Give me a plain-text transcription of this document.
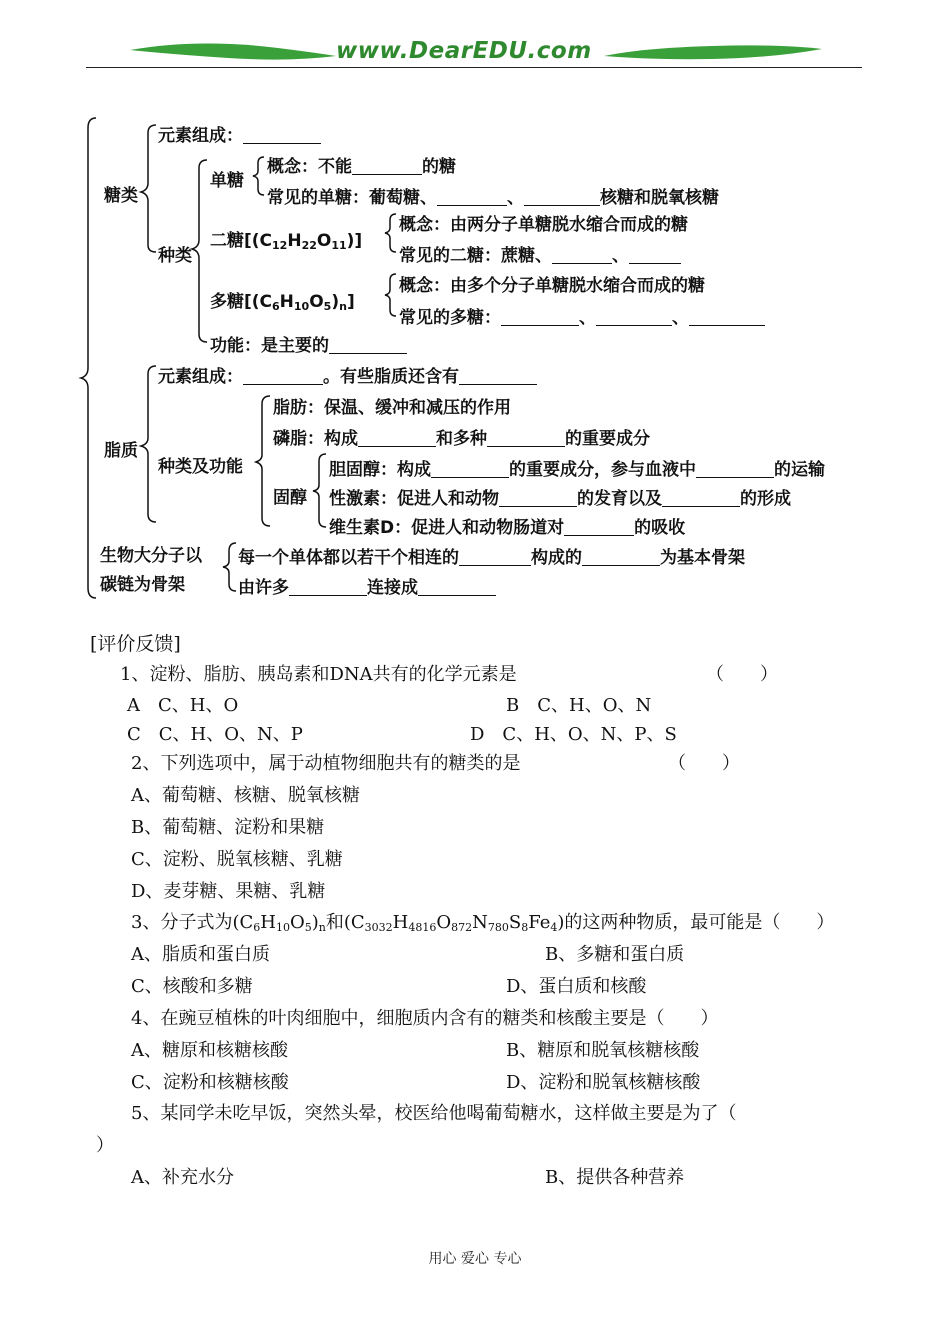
www.DearEDU.com
糖类
元素组成：
种类
单糖
概念：不能	的糖
常见的单糖：葡萄糖、	、	核糖和脱氧核糖
二糖$[(C_{12}H_{22}O_{11})]$
概念：由两分子单糖脱水缩合而成的糖
常见的二糖：蔗糖、	、
多糖$[(C_6H_{10}O_5)_n]$
概念：由多个分子单糖脱水缩合而成的糖
常见的多糖：	、	、
功能：是主要的
脂质
元素组成：	。有些脂质还含有
种类及功能
脂肪：保温、缓冲和减压的作用
磷脂：构成	和多种	的重要成分
固醇
胆固醇：构成	的重要成分，参与血液中	的运输
性激素：促进人和动物	的发育以及	的形成
维生素D：促进人和动物肠道对	的吸收
生物大分子以
碳链为骨架
每一个单体都以若干个相连的	构成的	为基本骨架
由许多	连接成
[评价反馈]
1、淀粉、脂肪、胰岛素和DNA共有的化学元素是	（　　）
A　C、H、O	B　C、H、O、N
C　C、H、O、N、P	D　C、H、O、N、P、S
2、下列选项中，属于动植物细胞共有的糖类的是	（　　）
A、葡萄糖、核糖、脱氧核糖
B、葡萄糖、淀粉和果糖
C、淀粉、脱氧核糖、乳糖
D、麦芽糖、果糖、乳糖
3、分子式为$(C_6H_{10}O_5)_n$和$(C_{3032}H_{4816}O_{872}N_{780}S_8Fe_4)$的这两种物质，最可能是（　　）
A、脂质和蛋白质	B、多糖和蛋白质
C、核酸和多糖	D、蛋白质和核酸
4、在豌豆植株的叶肉细胞中，细胞质内含有的糖类和核酸主要是（　　）
A、糖原和核糖核酸	B、糖原和脱氧核糖核酸
C、淀粉和核糖核酸	D、淀粉和脱氧核糖核酸
5、某同学未吃早饭，突然头晕，校医给他喝葡萄糖水，这样做主要是为了（
）
A、补充水分	B、提供各种营养
用心 爱心 专心
